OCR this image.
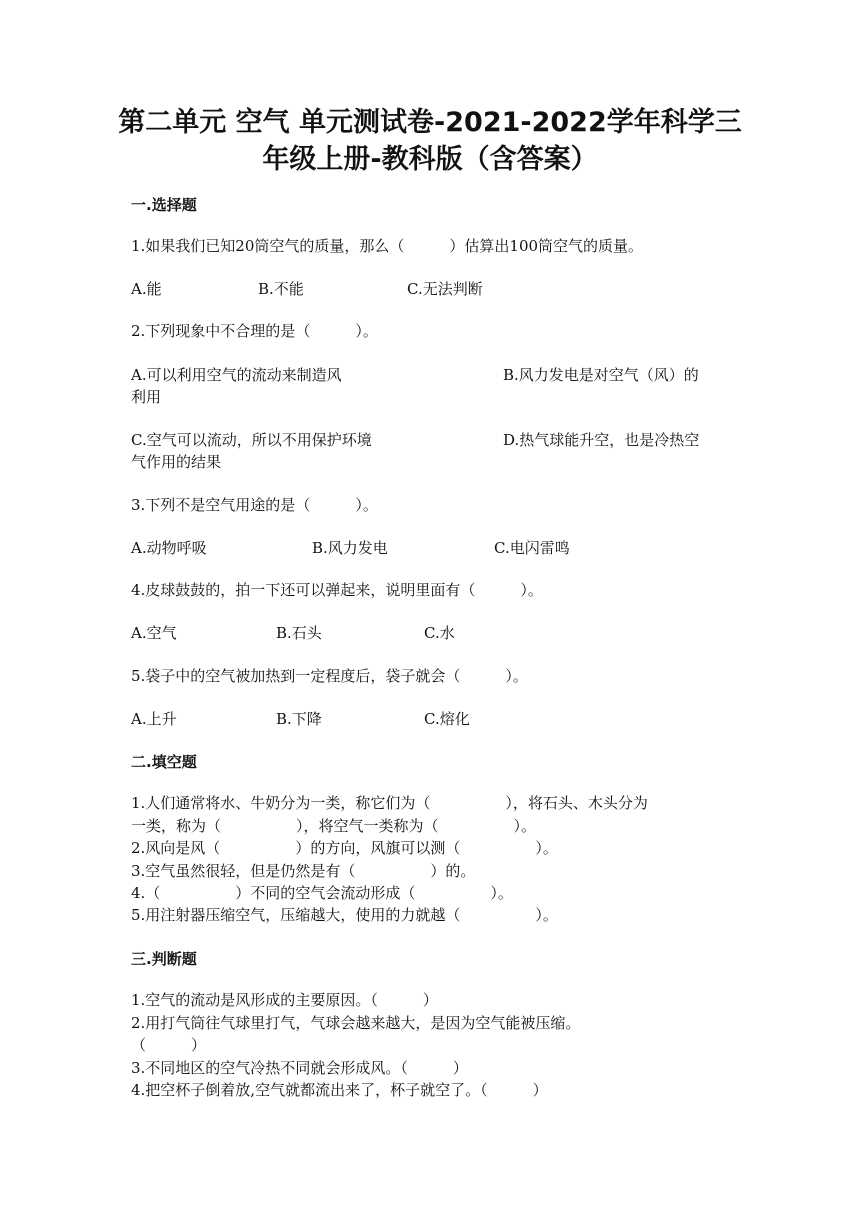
第二单元 空气 单元测试卷-2021-2022学年科学三
年级上册-教科版（含答案）
一.选择题
1.如果我们已知20筒空气的质量，那么（　　　）估算出100筒空气的质量。
A.能	B.不能	C.无法判断
2.下列现象中不合理的是（　　　）。
A.可以利用空气的流动来制造风	B.风力发电是对空气（风）的

利用
C.空气可以流动，所以不用保护环境	D.热气球能升空，也是冷热空

气作用的结果
3.下列不是空气用途的是（　　　）。
A.动物呼吸	B.风力发电	C.电闪雷鸣
4.皮球鼓鼓的，拍一下还可以弹起来，说明里面有（　　　）。
A.空气	B.石头	C.水
5.袋子中的空气被加热到一定程度后，袋子就会（　　　）。
A.上升	B.下降	C.熔化
二.填空题
1.人们通常将水、牛奶分为一类，称它们为（　　　　　），将石头、木头分为
一类，称为（　　　　　），将空气一类称为（　　　　　）。
2.风向是风（　　　　　）的方向，风旗可以测（　　　　　）。
3.空气虽然很轻，但是仍然是有（　　　　　）的。
4.（　　　　　）不同的空气会流动形成（　　　　　）。
5.用注射器压缩空气，压缩越大，使用的力就越（　　　　　）。
三.判断题
1.空气的流动是风形成的主要原因。（　　　）
2.用打气筒往气球里打气，气球会越来越大，是因为空气能被压缩。
（　　　）
3.不同地区的空气冷热不同就会形成风。（　　　）
4.把空杯子倒着放,空气就都流出来了，杯子就空了。（　　　）
